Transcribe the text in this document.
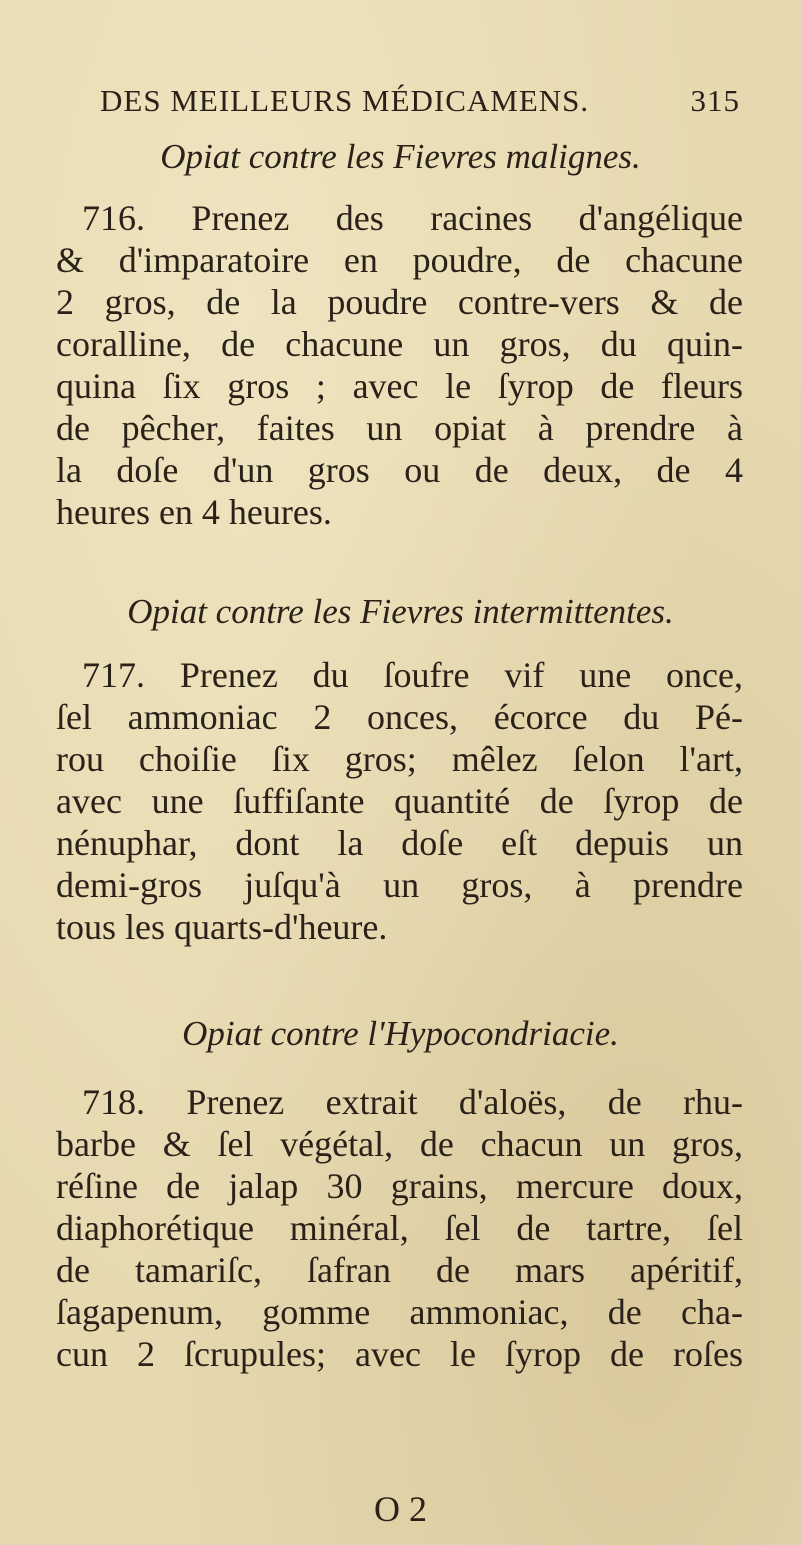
DES MEILLEURS MÉDICAMENS.	315
Opiat contre les Fievres malignes.
716. Prenez des racines d'angélique
& d'imparatoire en poudre, de chacune
2 gros, de la poudre contre-vers & de
coralline, de chacune un gros, du quin-
quina ſix gros ; avec le ſyrop de fleurs
de pêcher, faites un opiat à prendre à
la doſe d'un gros ou de deux, de 4
heures en 4 heures.
Opiat contre les Fievres intermittentes.
717. Prenez du ſoufre vif une once,
ſel ammoniac 2 onces, écorce du Pé-
rou choiſie ſix gros; mêlez ſelon l'art,
avec une ſuffiſante quantité de ſyrop de
nénuphar, dont la doſe eſt depuis un
demi-gros juſqu'à un gros, à prendre
tous les quarts-d'heure.
Opiat contre l'Hypocondriacie.
718. Prenez extrait d'aloës, de rhu-
barbe & ſel végétal, de chacun un gros,
réſine de jalap 30 grains, mercure doux,
diaphorétique minéral, ſel de tartre, ſel
de tamariſc, ſafran de mars apéritif,
ſagapenum, gomme ammoniac, de cha-
cun 2 ſcrupules; avec le ſyrop de roſes
O 2
